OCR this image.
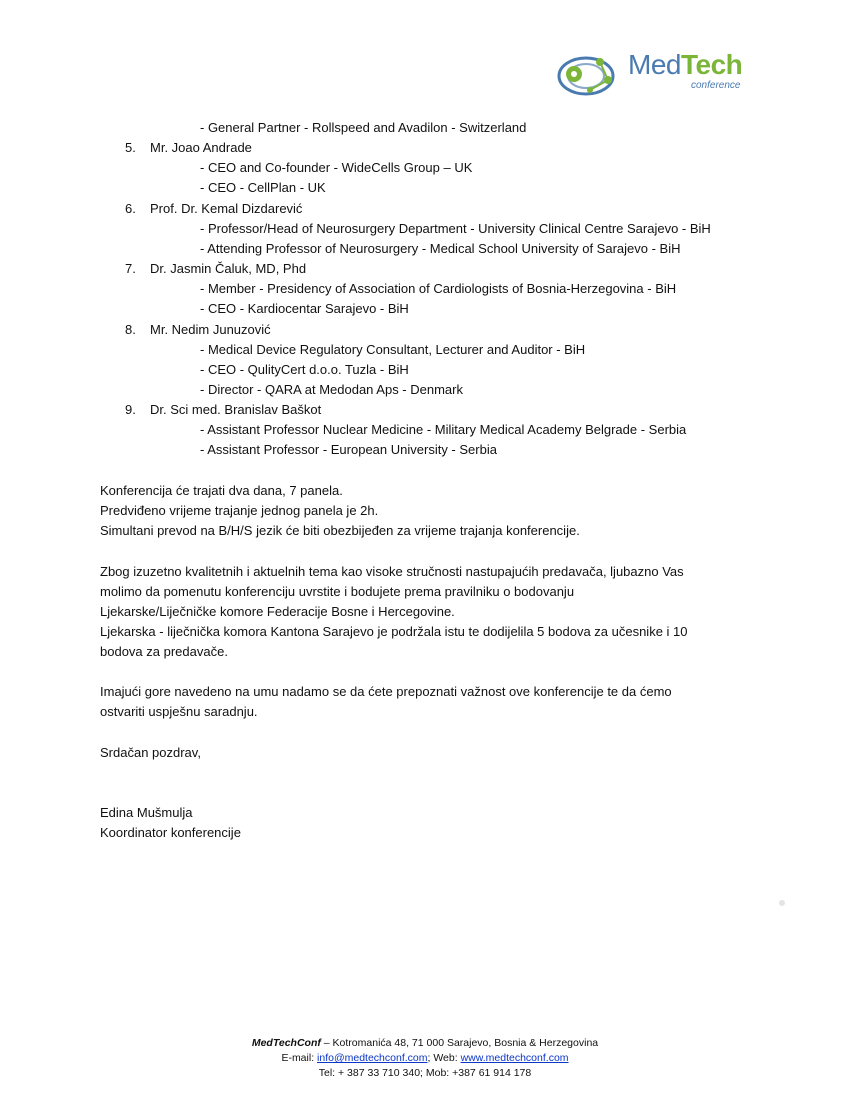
MedTech
conference
- General Partner - Rollspeed and Avadilon - Switzerland
5. Mr. Joao Andrade
- CEO and Co-founder - WideCells Group – UK
- CEO - CellPlan - UK
6. Prof. Dr. Kemal Dizdarević
- Professor/Head of Neurosurgery Department - University Clinical Centre Sarajevo - BiH
- Attending Professor of Neurosurgery - Medical School University of Sarajevo - BiH
7. Dr. Jasmin Čaluk, MD, Phd
- Member - Presidency of Association of Cardiologists of Bosnia-Herzegovina - BiH
- CEO - Kardiocentar Sarajevo - BiH
8. Mr. Nedim Junuzović
- Medical Device Regulatory Consultant, Lecturer and Auditor - BiH
- CEO - QulityCert d.o.o. Tuzla - BiH
- Director - QARA at Medodan Aps - Denmark
9. Dr. Sci med. Branislav Baškot
- Assistant Professor Nuclear Medicine - Military Medical Academy Belgrade - Serbia
- Assistant Professor - European University - Serbia
Konferencija će trajati dva dana, 7 panela.
Predviđeno vrijeme trajanje jednog panela je 2h.
Simultani prevod na B/H/S jezik će biti obezbijeđen za vrijeme trajanja konferencije.
Zbog izuzetno kvalitetnih i aktuelnih tema kao visoke stručnosti nastupajućih predavača, ljubazno Vas
molimo da pomenutu konferenciju uvrstite i bodujete prema pravilniku o bodovanju
Ljekarske/Liječničke komore Federacije Bosne i Hercegovine.
Ljekarska - liječnička komora Kantona Sarajevo je podržala istu te dodijelila 5 bodova za učesnike i 10
bodova za predavače.
Imajući gore navedeno na umu nadamo se da ćete prepoznati važnost ove konferencije te da ćemo
ostvariti uspješnu saradnju.
Srdačan pozdrav,
Edina Mušmulja
Koordinator konferencije
MedTechConf – Kotromanića 48, 71 000 Sarajevo, Bosnia & Herzegovina
E-mail: info@medtechconf.com; Web: www.medtechconf.com
Tel: + 387 33 710 340; Mob: +387 61 914 178
